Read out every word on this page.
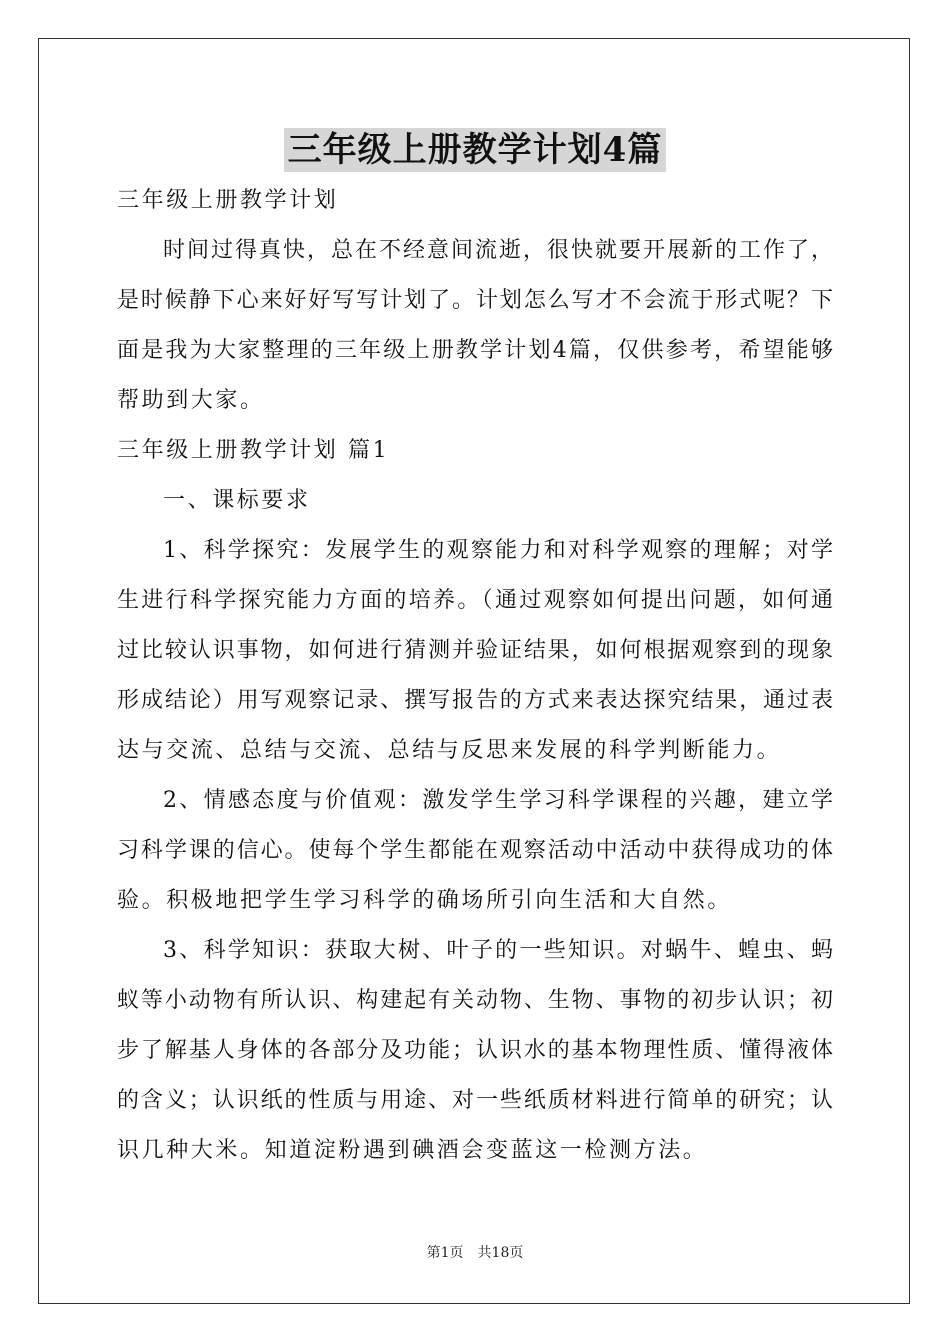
三年级上册教学计划4篇
三年级上册教学计划
时间过得真快，总在不经意间流逝，很快就要开展新的工作了，
是时候静下心来好好写写计划了。计划怎么写才不会流于形式呢？下
面是我为大家整理的三年级上册教学计划4篇，仅供参考，希望能够
帮助到大家。
三年级上册教学计划 篇1
一、课标要求
1、科学探究：发展学生的观察能力和对科学观察的理解；对学
生进行科学探究能力方面的培养。（通过观察如何提出问题，如何通
过比较认识事物，如何进行猜测并验证结果，如何根据观察到的现象
形成结论）用写观察记录、撰写报告的方式来表达探究结果，通过表
达与交流、总结与交流、总结与反思来发展的科学判断能力。
2、情感态度与价值观：激发学生学习科学课程的兴趣，建立学
习科学课的信心。使每个学生都能在观察活动中活动中获得成功的体
验。积极地把学生学习科学的确场所引向生活和大自然。
3、科学知识：获取大树、叶子的一些知识。对蜗牛、蝗虫、蚂
蚁等小动物有所认识、构建起有关动物、生物、事物的初步认识；初
步了解基人身体的各部分及功能；认识水的基本物理性质、懂得液体
的含义；认识纸的性质与用途、对一些纸质材料进行简单的研究；认
识几种大米。知道淀粉遇到碘酒会变蓝这一检测方法。
第1页　共18页
